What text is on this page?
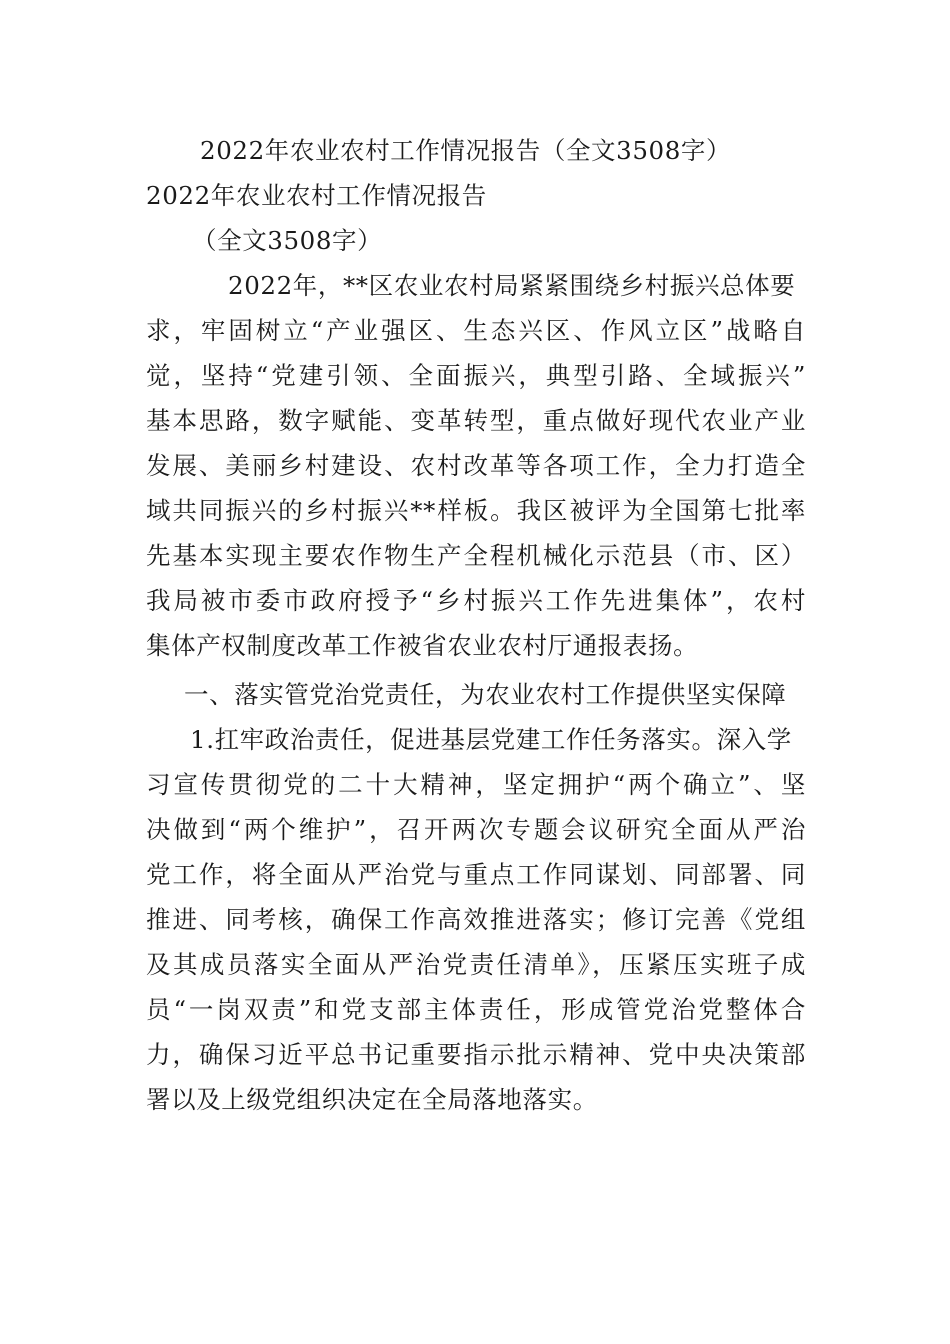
2022年农业农村工作情况报告（全文3508字）
2022年农业农村工作情况报告
（全文3508字）
2022年，**区农业农村局紧紧围绕乡村振兴总体要
求，牢固树立“产业强区、生态兴区、作风立区”战略自
觉，坚持“党建引领、全面振兴，典型引路、全域振兴”
基本思路，数字赋能、变革转型，重点做好现代农业产业
发展、美丽乡村建设、农村改革等各项工作，全力打造全
域共同振兴的乡村振兴**样板。我区被评为全国第七批率
先基本实现主要农作物生产全程机械化示范县（市、区）
我局被市委市政府授予“乡村振兴工作先进集体”，农村
集体产权制度改革工作被省农业农村厅通报表扬。
一、落实管党治党责任，为农业农村工作提供坚实保障
1.扛牢政治责任，促进基层党建工作任务落实。深入学
习宣传贯彻党的二十大精神，坚定拥护“两个确立”、坚
决做到“两个维护”，召开两次专题会议研究全面从严治
党工作，将全面从严治党与重点工作同谋划、同部署、同
推进、同考核，确保工作高效推进落实；修订完善《党组
及其成员落实全面从严治党责任清单》，压紧压实班子成
员“一岗双责”和党支部主体责任，形成管党治党整体合
力，确保习近平总书记重要指示批示精神、党中央决策部
署以及上级党组织决定在全局落地落实。
